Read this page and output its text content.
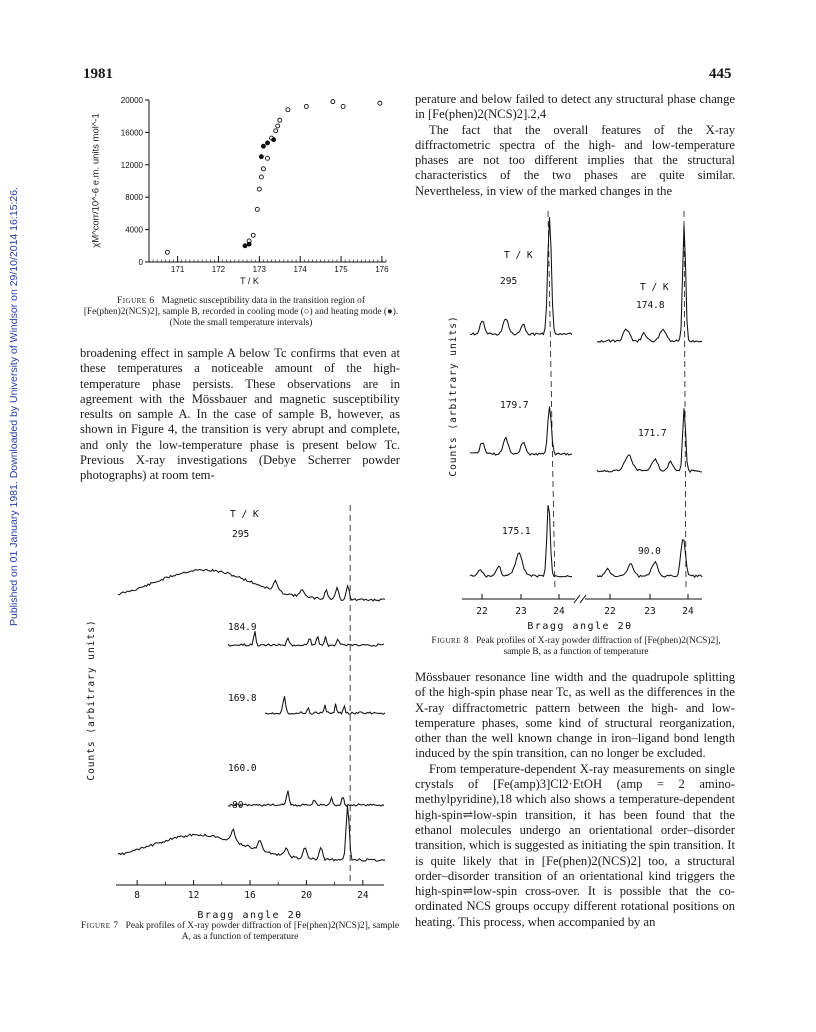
1981	445
Published on 01 January 1981. Downloaded by University of Windsor on 29/10/2014 16:15:26.	0
4000
8000
12000
16000
20000
171	172	173	174	175	176
T / K
χM^corr/10^-6 e.m. units mol^-1
Figure 6 Magnetic susceptibility data in the transition region of [Fe(phen)2(NCS)2], sample B, recorded in cooling mode (○) and heating mode (●). (Note the small temperature intervals)

broadening effect in sample A below Tc confirms that even at these temperatures a noticeable amount of the high-temperature phase persists. These observations are in agreement with the Mössbauer and magnetic susceptibility results on sample A. In the case of sample B, however, as shown in Figure 4, the transition is very abrupt and complete, and only the low-temperature phase is present below Tc. Previous X-ray investigations (Debye Scherrer powder photographs) at room tem-

perature and below failed to detect any structural phase change in [Fe(phen)2(NCS)2].2,4

The fact that the overall features of the X-ray diffractometric spectra of the high- and low-temperature phases are not too different implies that the structural characteristics of the two phases are quite similar. Nevertheless, in view of the marked changes in the

8	12	16	20	24
Bragg angle 2θ
Counts (arbitrary units)
T / K
295
184.9
169.8
160.0
80
Figure 7 Peak profiles of X-ray powder diffraction of [Fe(phen)2(NCS)2], sample A, as a function of temperature
22	23	24	22	23	24
Bragg angle 2θ
Counts (arbitrary units)
T / K
T / K
295
179.7
175.1
174.8
171.7
90.0
Figure 8 Peak profiles of X-ray powder diffraction of [Fe(phen)2(NCS)2], sample B, as a function of temperature

Mössbauer resonance line width and the quadrupole splitting of the high-spin phase near Tc, as well as the differences in the X-ray diffractometric pattern between the high- and low-temperature phases, some kind of structural reorganization, other than the well known change in iron–ligand bond length induced by the spin transition, can no longer be excluded.

From temperature-dependent X-ray measurements on single crystals of [Fe(amp)3]Cl2·EtOH (amp = 2 amino-methylpyridine),18 which also shows a temperature-dependent high-spin⇌low-spin transition, it has been found that the ethanol molecules undergo an orientational order–disorder transition, which is suggested as initiating the spin transition. It is quite likely that in [Fe(phen)2(NCS)2] too, a structural order–disorder transition of an orientational kind triggers the high-spin⇌low-spin cross-over. It is possible that the co-ordinated NCS groups occupy different rotational positions on heating. This process, when accompanied by an
